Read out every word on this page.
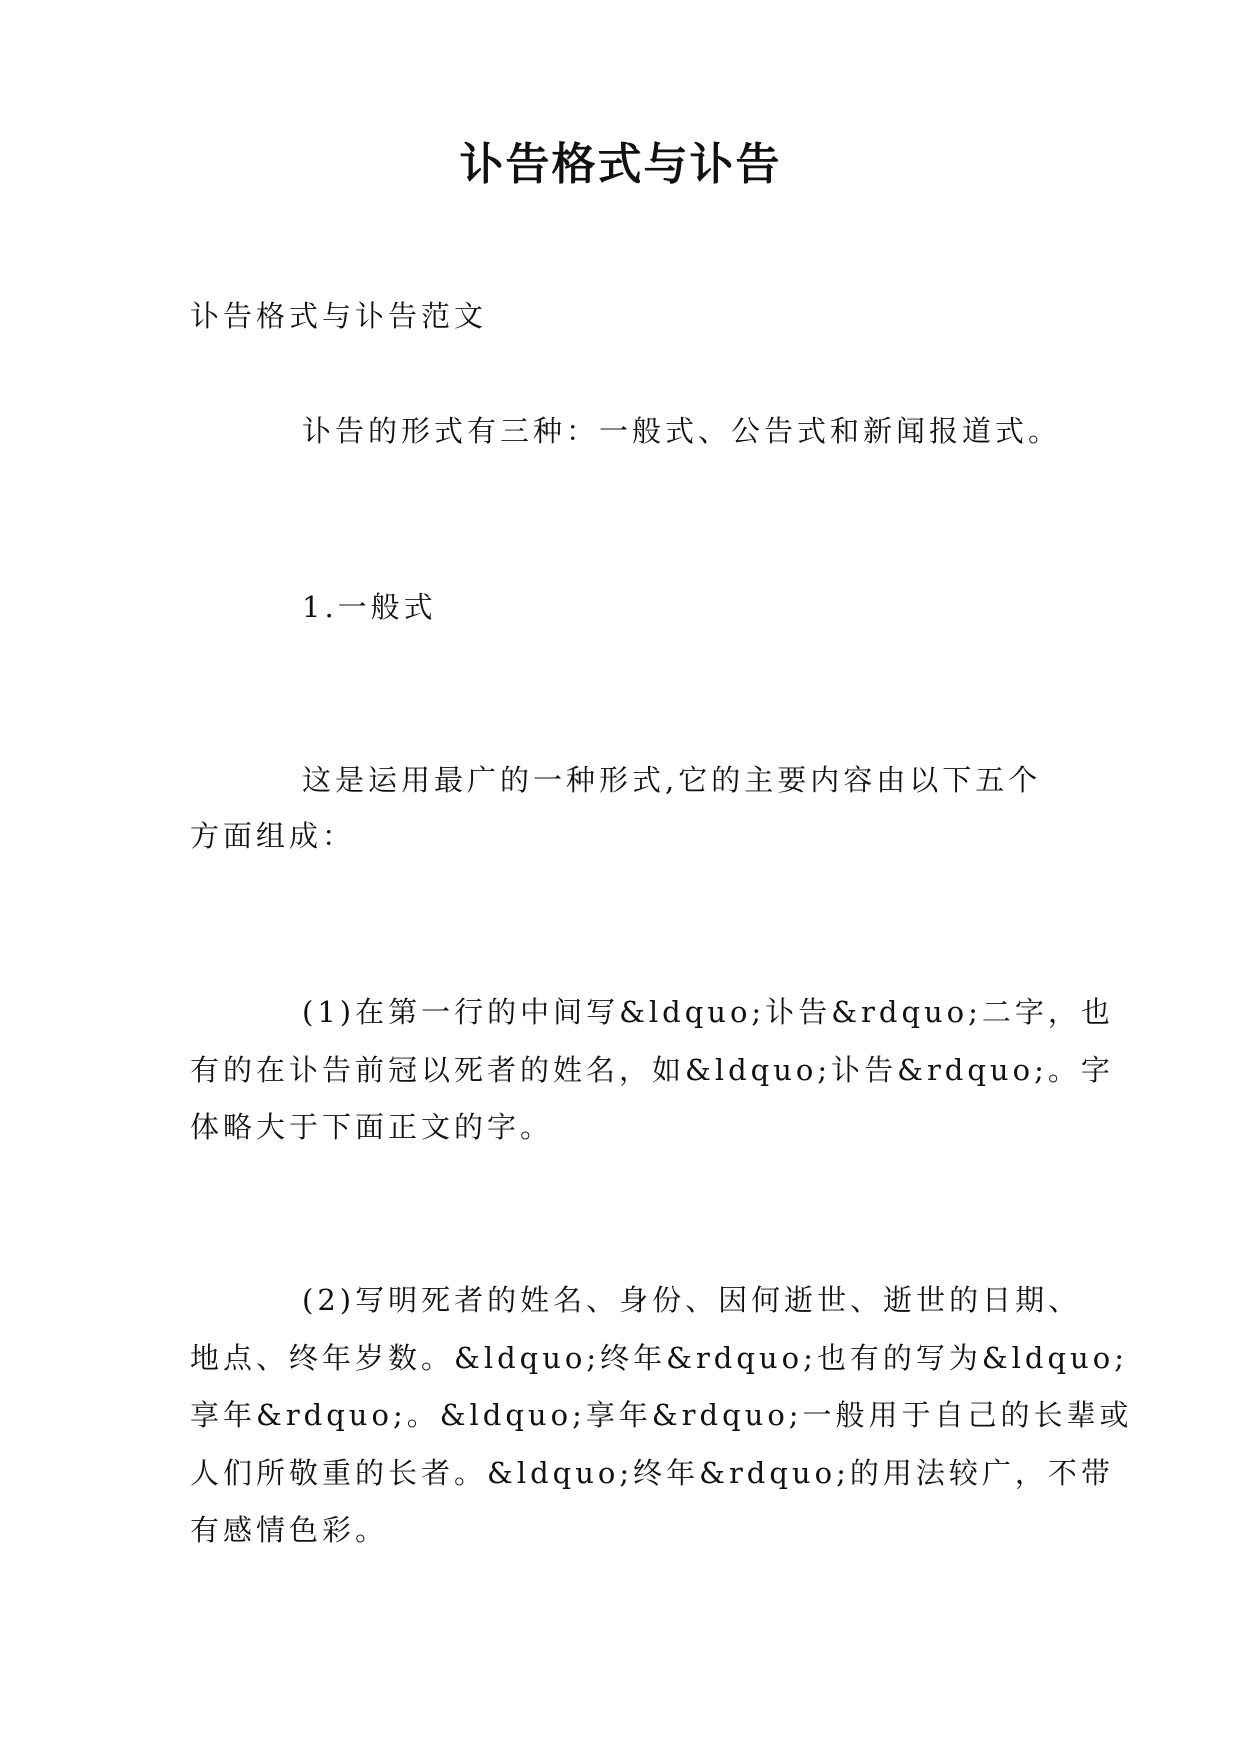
讣告格式与讣告

讣告格式与讣告范文

讣告的形式有三种：一般式、公告式和新闻报道式。

1.一般式

这是运用最广的一种形式,它的主要内容由以下五个

方面组成：

(1)在第一行的中间写&ldquo;讣告&rdquo;二字，也

有的在讣告前冠以死者的姓名，如&ldquo;讣告&rdquo;。字

体略大于下面正文的字。

(2)写明死者的姓名、身份、因何逝世、逝世的日期、

地点、终年岁数。&ldquo;终年&rdquo;也有的写为&ldquo;

享年&rdquo;。&ldquo;享年&rdquo;一般用于自己的长辈或

人们所敬重的长者。&ldquo;终年&rdquo;的用法较广，不带

有感情色彩。
